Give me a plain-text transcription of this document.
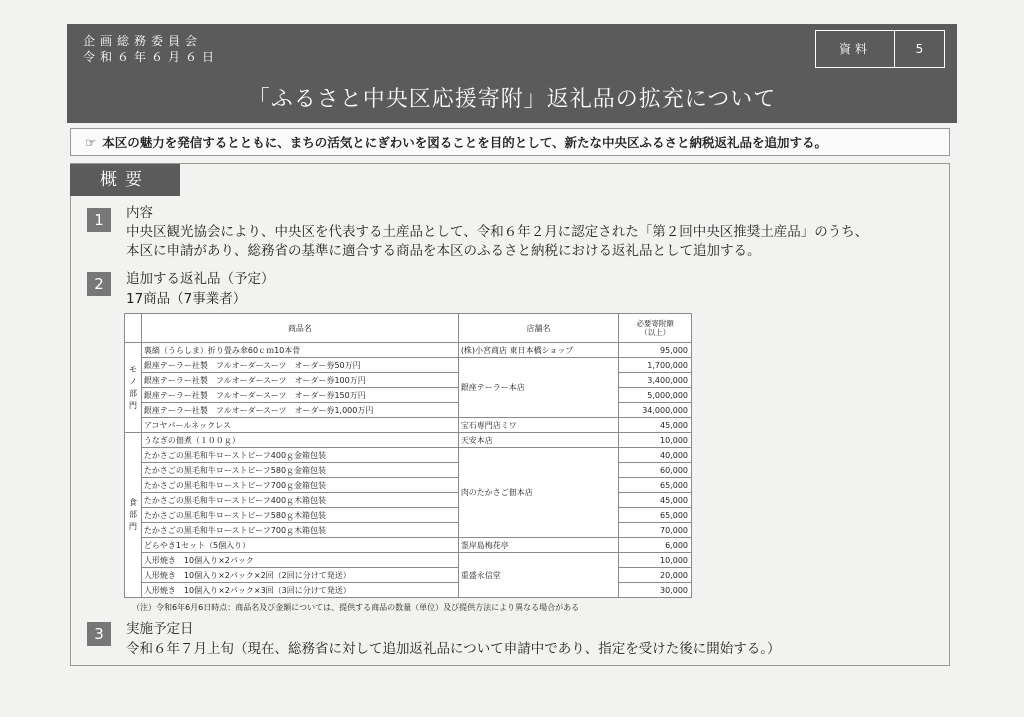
企画総務委員会
令和６年６月６日
資料	5
「ふるさと中央区応援寄附」返礼品の拡充について
☞ 本区の魅力を発信するとともに、まちの活気とにぎわいを図ることを目的として、新たな中央区ふるさと納税返礼品を追加する。
概要
1	内容
中央区観光協会により、中央区を代表する土産品として、令和６年２月に認定された「第２回中央区推奨土産品」のうち、
本区に申請があり、総務省の基準に適合する商品を本区のふるさと納税における返礼品として追加する。
2	追加する返礼品（予定）
17商品（7事業者）
	商品名	店舗名	必要寄附額
（以上）

モノ部門	裏縞（うらしま）折り畳み傘60ｃｍ10本骨	(株)小宮商店 東日本橋ショップ	95,000
	銀座テーラー社製　フルオーダースーツ　オーダー券50万円	銀座テーラー本店	1,700,000
	銀座テーラー社製　フルオーダースーツ　オーダー券100万円		3,400,000
	銀座テーラー社製　フルオーダースーツ　オーダー券150万円		5,000,000
	銀座テーラー社製　フルオーダースーツ　オーダー券1,000万円		34,000,000
	アコヤパールネックレス	宝石専門店ミワ	45,000
食部門	うなぎの佃煮（１００ｇ）	天安本店	10,000
	たかさごの黒毛和牛ローストビーフ400ｇ金箱包装	肉のたかさご佃本店	40,000
	たかさごの黒毛和牛ローストビーフ580ｇ金箱包装		60,000
	たかさごの黒毛和牛ローストビーフ700ｇ金箱包装		65,000
	たかさごの黒毛和牛ローストビーフ400ｇ木箱包装		45,000
	たかさごの黒毛和牛ローストビーフ580ｇ木箱包装		65,000
	たかさごの黒毛和牛ローストビーフ700ｇ木箱包装		70,000
	どらやき1セット（5個入り）	霊岸島梅花亭	6,000
	人形焼き　10個入り×2パック	重盛永信堂	10,000
	人形焼き　10個入り×2パック×2回（2回に分けて発送）		20,000
	人形焼き　10個入り×2パック×3回（3回に分けて発送）		30,000
（注）令和6年6月6日時点：商品名及び金額については、提供する商品の数量（単位）及び提供方法により異なる場合がある
3	実施予定日
令和６年７月上旬（現在、総務省に対して追加返礼品について申請中であり、指定を受けた後に開始する。）
